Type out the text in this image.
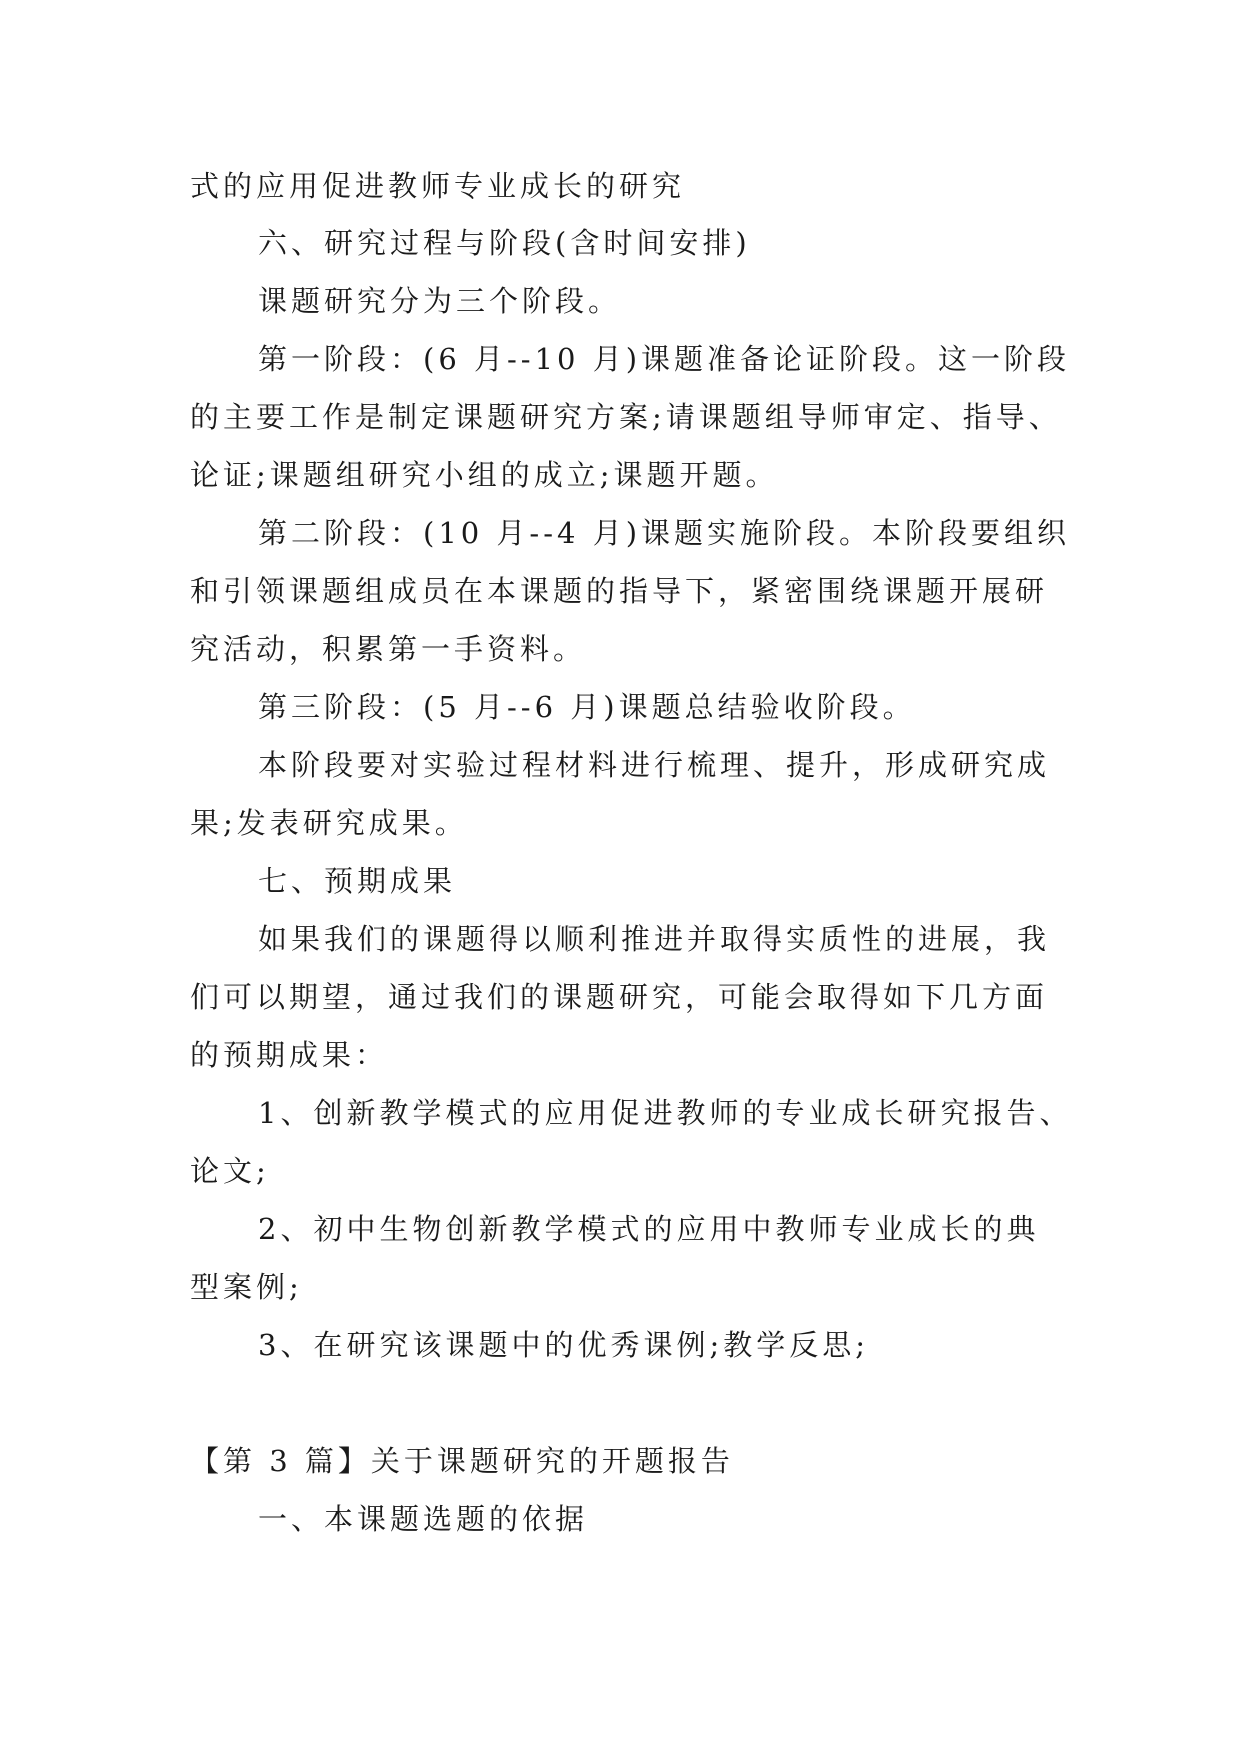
式的应用促进教师专业成长的研究
六、研究过程与阶段(含时间安排)
课题研究分为三个阶段。
第一阶段：(6 月--10 月)课题准备论证阶段。这一阶段
的主要工作是制定课题研究方案;请课题组导师审定、指导、
论证;课题组研究小组的成立;课题开题。
第二阶段：(10 月--4 月)课题实施阶段。本阶段要组织
和引领课题组成员在本课题的指导下，紧密围绕课题开展研
究活动，积累第一手资料。
第三阶段：(5 月--6 月)课题总结验收阶段。
本阶段要对实验过程材料进行梳理、提升，形成研究成
果;发表研究成果。
七、预期成果
如果我们的课题得以顺利推进并取得实质性的进展，我
们可以期望，通过我们的课题研究，可能会取得如下几方面
的预期成果：
1、创新教学模式的应用促进教师的专业成长研究报告、
论文;
2、初中生物创新教学模式的应用中教师专业成长的典
型案例;
3、在研究该课题中的优秀课例;教学反思;
【第 3 篇】关于课题研究的开题报告
一、本课题选题的依据
